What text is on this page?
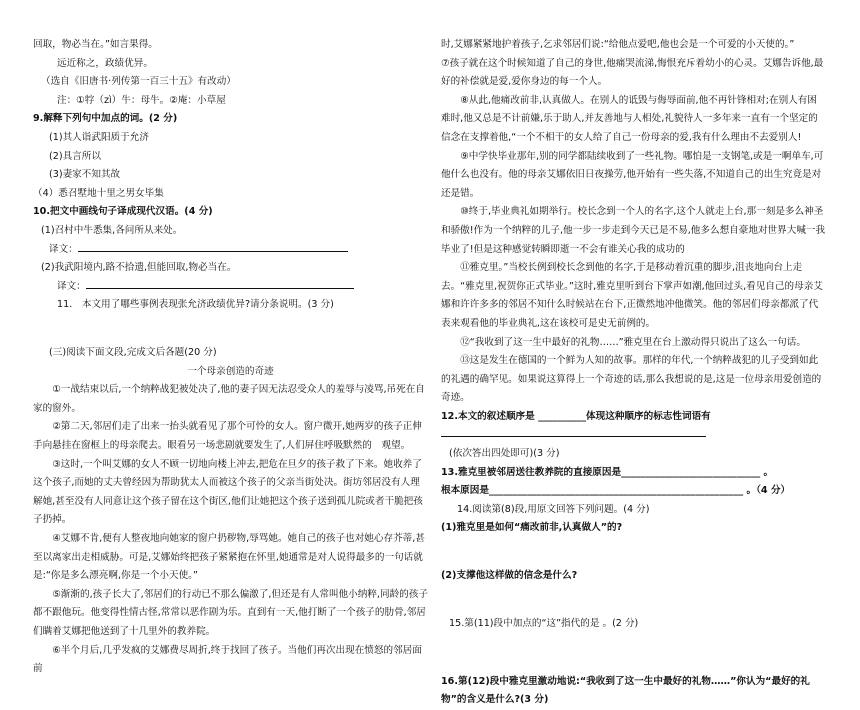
回取，物必当在。”如言果得。

远近称之，政绩优异。

（选自《旧唐书·列传第一百三十五》有改动）

注：①牸（zì）牛：母牛。②庵：小草屋

9.解释下列句中加点的词。(2 分)

(1)其人诣武阳质于允济

(2)具言所以

(3)妻家不知其故

（4）悉召墅地十里之男女毕集

10.把文中画线句子译成现代汉语。(4 分)

(1)召村中牛悉集,各问所从来处。

译文：

(2)我武阳境内,路不拾遗,但能回取,物必当在。

译文：

11.　本文用了哪些事例表现张允济政绩优异?请分条说明。(3 分)

(三)阅读下面文段,完成文后各题(20 分)

一个母亲创造的奇迹

①一战结束以后,一个纳粹战犯被处决了,他的妻子因无法忍受众人的羞辱与凌骂,吊死在自家的窗外。

②第二天,邻居们走了出来一抬头就看见了那个可怜的女人。窗户微开,她两岁的孩子正伸手向悬挂在窗框上的母亲爬去。眼看另一场悲剧就要发生了,人们屏住呼吸默然的　观望。

③这时,一个叫艾娜的女人不顾一切地向楼上冲去,把危在旦夕的孩子救了下来。她收养了这个孩子,而她的丈夫曾经因为帮助犹太人而被这个孩子的父亲当街处决。街坊邻居没有人理解她,甚至没有人同意让这个孩子留在这个街区,他们让她把这个孩子送到孤儿院或者干脆把孩子扔掉。

④艾娜不肯,便有人整夜地向她家的窗户扔秽物,辱骂她。她自己的孩子也对她心存芥蒂,甚至以离家出走相威胁。可是,艾娜始终把孩子紧紧抱在怀里,她通常是对人说得最多的一句话就是:“你是多么漂亮啊,你是一个小天使。”

⑤渐渐的,孩子长大了,邻居们的行动已不那么偏激了,但还是有人常叫他小纳粹,同龄的孩子都不跟他玩。他变得性情古怪,常常以恶作剧为乐。直到有一天,他打断了一个孩子的肋骨,邻居们瞒着艾娜把他送到了十几里外的教养院。

⑥半个月后,几乎发疯的艾娜费尽周折,终于找回了孩子。当他们再次出现在愤怒的邻居面前

时,艾娜紧紧地护着孩子,乞求邻居们说:“给他点爱吧,他也会是一个可爱的小天使的。”

⑦孩子就在这个时候知道了自己的身世,他痛哭流涕,悔恨充斥着幼小的心灵。艾娜告诉他,最好的补偿就是爱,爱你身边的每一个人。

⑧从此,他痛改前非,认真做人。在别人的诋毁与侮辱面前,他不再针锋相对;在别人有困难时,他又总是不计前嫌,乐于助人,并友善地与人相处,礼貌待人一多年来一直有一个坚定的信念在支撑着他,“一个不相干的女人给了自己一份母亲的爱,我有什么理由不去爱别人!

⑨中学快毕业那年,别的同学都陆续收到了一些礼物。哪怕是一支钢笔,或是一啊单车,可他什么也没有。他的母亲艾娜依旧日夜操劳,他开始有一些失落,不知道自己的出生究竟是对还是错。

⑩终于,毕业典礼如期举行。校长念到一个人的名字,这个人就走上台,那一刻是多么神圣和骄傲!作为一个纳粹的儿子,他一步一步走到今天已是不易,他多么想自豪地对世界大喊一我毕业了!但是这种感觉转瞬即逝一不会有谁关心我的成功的

⑪雅克里。”当校长例到校长念到他的名字,于是移动着沉重的脚步,沮丧地向台上走去。“雅克里,祝贺你正式毕业。”这时,雅克里听到台下掌声如潮,他回过头,看见自己的母亲艾娜和许许多多的邻居不知什么时候站在台下,正微然地冲他微笑。他的邻居们母亲都派了代表来观看他的毕业典礼,这在该校可是史无前例的。

⑫“我收到了这一生中最好的礼物……”雅克里在台上激动得只说出了这么一句话。

⑬这是发生在德国的一个鲜为人知的故事。那样的年代,一个纳粹战犯的儿子受到如此的礼遇的确罕见。如果说这算得上一个奇迹的话,那么我想说的是,这是一位母亲用爱创造的奇迹。

12.本文的叙述顺序是 __________体现这种顺序的标志性词语有

(依次答出四处即可)(3 分)

13.雅克里被邻居送往教养院的直接原因是_____________________________ 。

根本原因是_____________________________________________________ 。（4 分）

14.阅读第(8)段,用原文回答下列问题。(4 分)

(1)雅克里是如何“痛改前非,认真做人”的?

(2)支撑他这样做的信念是什么?

15.第(11)段中加点的“这”指代的是 。(2 分)

16.第(12)段中雅克里激动地说:“我收到了这一生中最好的礼物……”你认为“最好的礼物”的含义是什么?(3 分)
